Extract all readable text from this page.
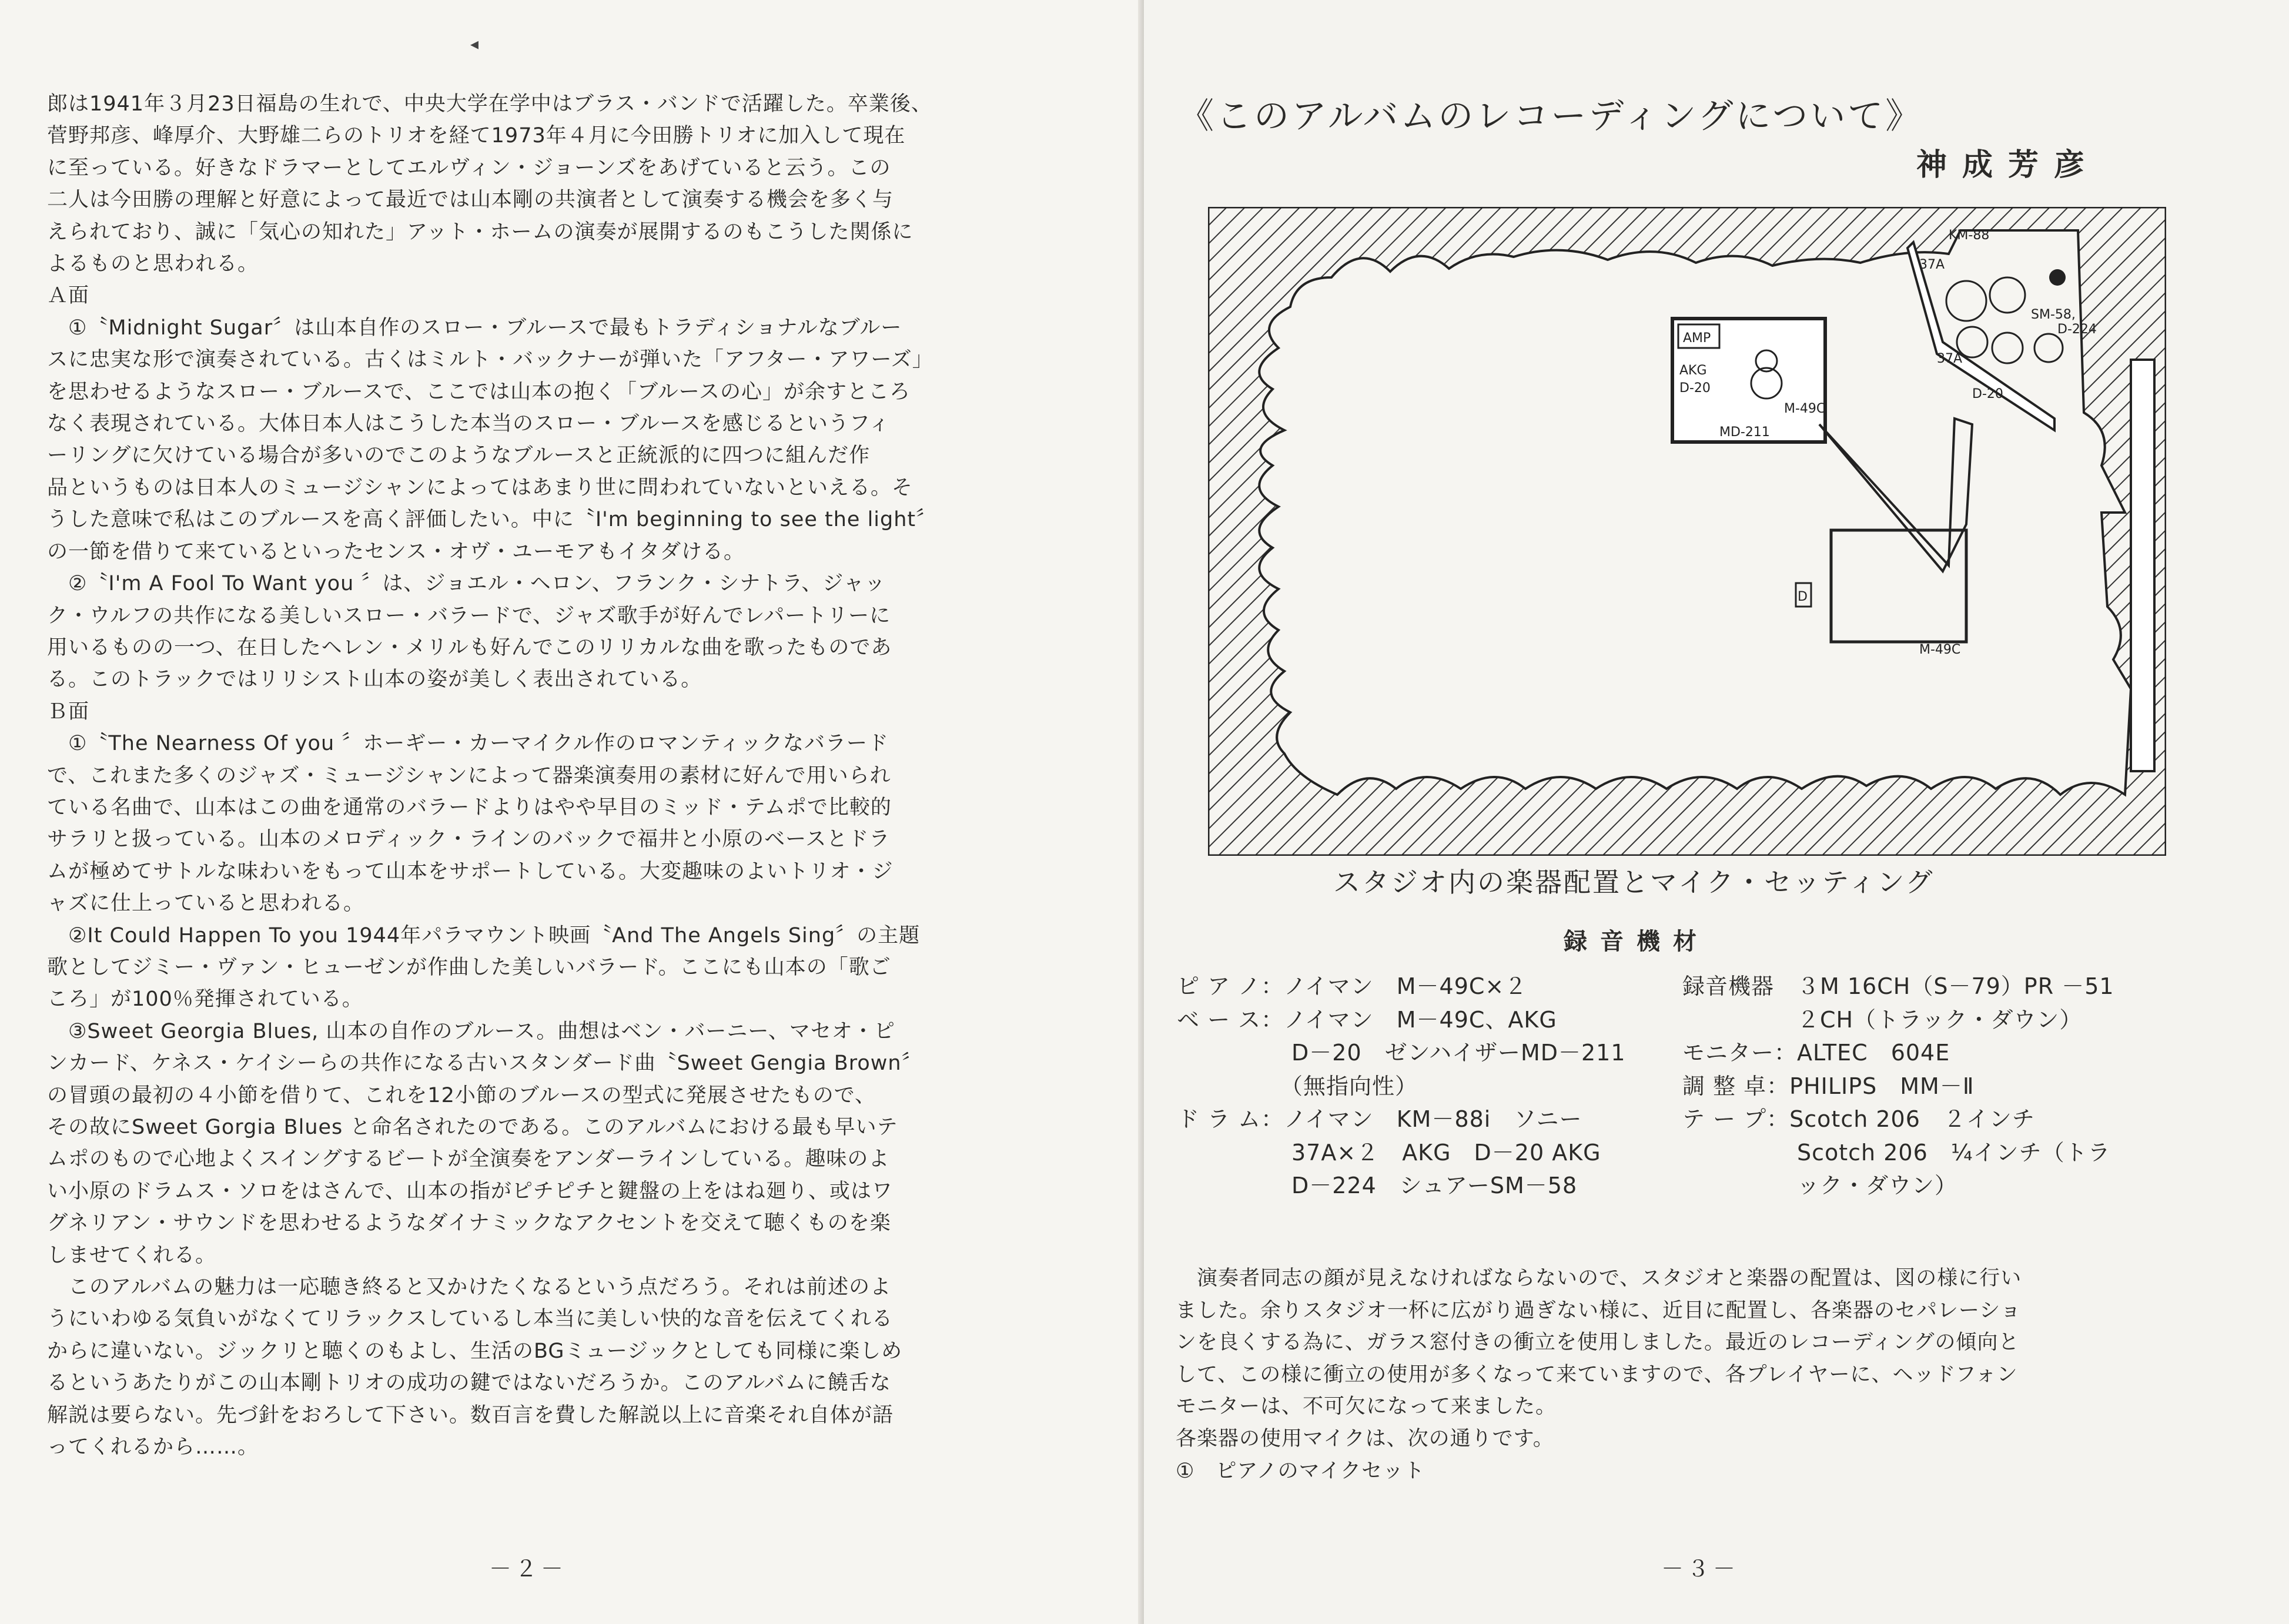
◂

郎は1941年３月23日福島の生れで、中央大学在学中はブラス・バンドで活躍した。卒業後、

菅野邦彦、峰厚介、大野雄二らのトリオを経て1973年４月に今田勝トリオに加入して現在

に至っている。好きなドラマーとしてエルヴィン・ジョーンズをあげていると云う。この

二人は今田勝の理解と好意によって最近では山本剛の共演者として演奏する機会を多く与

えられており、誠に「気心の知れた」アット・ホームの演奏が展開するのもこうした関係に

よるものと思われる。

Ａ面

　①〝Midnight Sugar〞は山本自作のスロー・ブルースで最もトラディショナルなブルー

スに忠実な形で演奏されている。古くはミルト・バックナーが弾いた「アフター・アワーズ」

を思わせるようなスロー・ブルースで、ここでは山本の抱く「ブルースの心」が余すところ

なく表現されている。大体日本人はこうした本当のスロー・ブルースを感じるというフィ

ーリングに欠けている場合が多いのでこのようなブルースと正統派的に四つに組んだ作

品というものは日本人のミュージシャンによってはあまり世に問われていないといえる。そ

うした意味で私はこのブルースを高く評価したい。中に〝I'm beginning to see the light〞

の一節を借りて来ているといったセンス・オヴ・ユーモアもイタダける。

　②〝I'm A Fool To Want you 〞は、ジョエル・ヘロン、フランク・シナトラ、ジャッ

ク・ウルフの共作になる美しいスロー・バラードで、ジャズ歌手が好んでレパートリーに

用いるものの一つ、在日したヘレン・メリルも好んでこのリリカルな曲を歌ったものであ

る。このトラックではリリシスト山本の姿が美しく表出されている。

Ｂ面

　①〝The Nearness Of you 〞ホーギー・カーマイクル作のロマンティックなバラード

で、これまた多くのジャズ・ミュージシャンによって器楽演奏用の素材に好んで用いられ

ている名曲で、山本はこの曲を通常のバラードよりはやや早目のミッド・テムポで比較的

サラリと扱っている。山本のメロディック・ラインのバックで福井と小原のベースとドラ

ムが極めてサトルな味わいをもって山本をサポートしている。大変趣味のよいトリオ・ジ

ャズに仕上っていると思われる。

　②It Could Happen To you 1944年パラマウント映画〝And The Angels Sing〞の主題

歌としてジミー・ヴァン・ヒューゼンが作曲した美しいバラード。ここにも山本の「歌ご

ころ」が100％発揮されている。

　③Sweet Georgia Blues, 山本の自作のブルース。曲想はベン・バーニー、マセオ・ピ

ンカード、ケネス・ケイシーらの共作になる古いスタンダード曲〝Sweet Gengia Brown〞

の冒頭の最初の４小節を借りて、これを12小節のブルースの型式に発展させたもので、

その故にSweet Gorgia Blues と命名されたのである。このアルバムにおける最も早いテ

ムポのもので心地よくスイングするビートが全演奏をアンダーラインしている。趣味のよ

い小原のドラムス・ソロをはさんで、山本の指がピチピチと鍵盤の上をはね廻り、或はワ

グネリアン・サウンドを思わせるようなダイナミックなアクセントを交えて聴くものを楽

しませてくれる。

　このアルバムの魅力は一応聴き終ると又かけたくなるという点だろう。それは前述のよ

うにいわゆる気負いがなくてリラックスしているし本当に美しい快的な音を伝えてくれる

からに違いない。ジックリと聴くのもよし、生活のBGミュージックとしても同様に楽しめ

るというあたりがこの山本剛トリオの成功の鍵ではないだろうか。このアルバムに饒舌な

解説は要らない。先づ針をおろして下さい。数百言を費した解説以上に音楽それ自体が語

ってくれるから……。

－２－
《このアルバムのレコーディングについて》
神成芳彦
KM-88
37A
SM-58,
D-224
37A
D-20
AMP
AKG
D-20
M-49C
MD-211
D
M-49C
スタジオ内の楽器配置とマイク・セッティング
録音機材

ピ ア ノ：ノイマン　M－49C×２

ベ ー ス：ノイマン　M－49C、AKG

　　　　　D－20　ゼンハイザーMD－211

　　　　　（無指向性）

ド ラ ム：ノイマン　KM－88i　ソニー

　　　　　37A×２　AKG　D－20 AKG

　　　　　D－224　シュアーSM－58

録音機器　３M 16CH（S－79）PR －51

　　　　　２CH（トラック・ダウン）

モニター：ALTEC　604E

調 整 卓：PHILIPS　MM－Ⅱ

テ ー プ：Scotch 206　２インチ

　　　　　Scotch 206　¼インチ（トラ

　　　　　ック・ダウン）

　演奏者同志の顔が見えなければならないので、スタジオと楽器の配置は、図の様に行い

ました。余りスタジオ一杯に広がり過ぎない様に、近目に配置し、各楽器のセパレーショ

ンを良くする為に、ガラス窓付きの衝立を使用しました。最近のレコーディングの傾向と

して、この様に衝立の使用が多くなって来ていますので、各プレイヤーに、ヘッドフォン

モニターは、不可欠になって来ました。

各楽器の使用マイクは、次の通りです。

①　ピアノのマイクセット

－３－
